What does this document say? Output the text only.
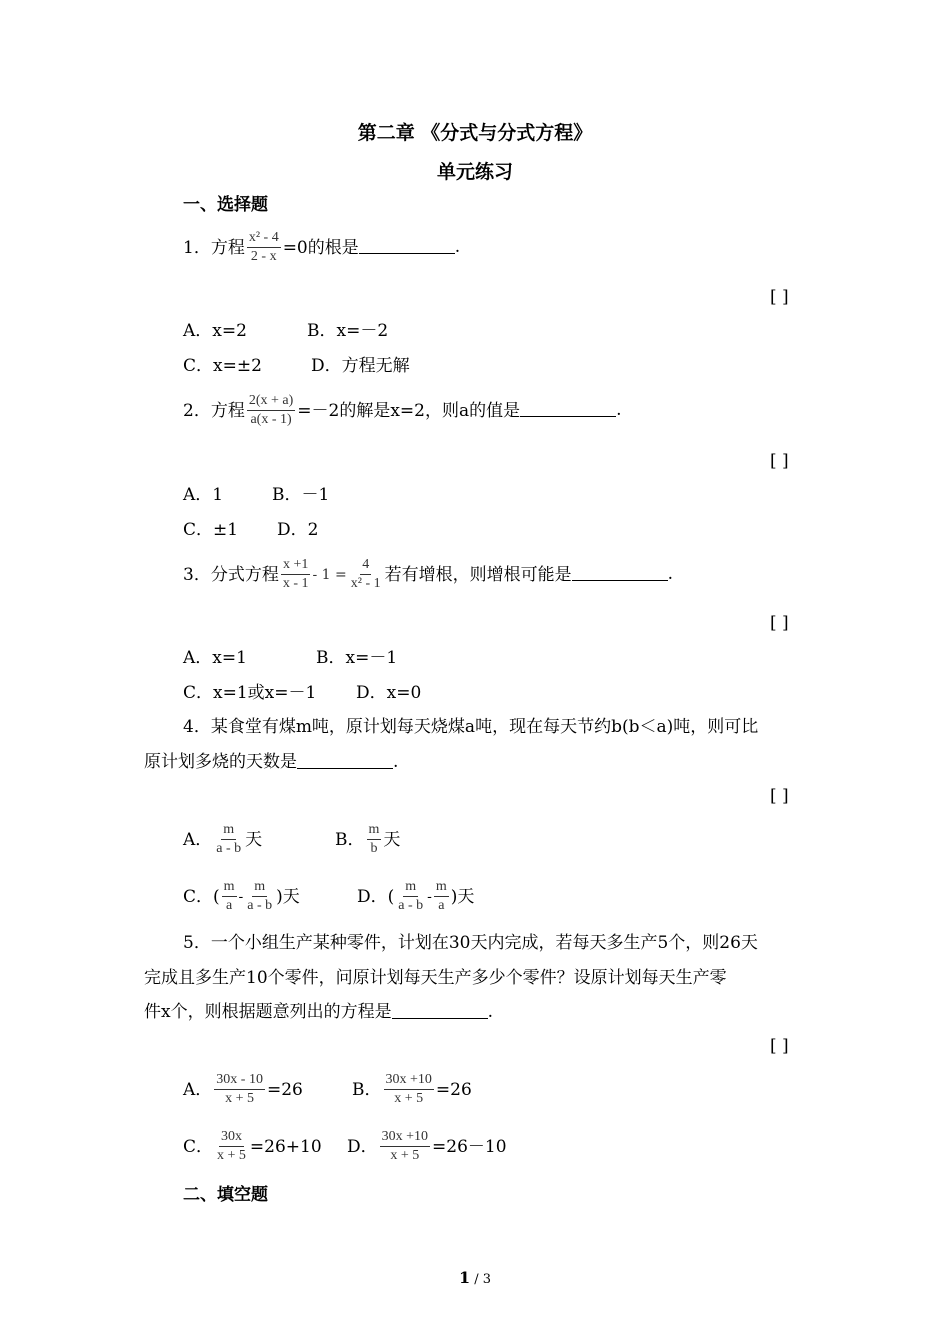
第二章 《分式与分式方程》
单元练习
一、选择题
1．方程 $\frac{\text{x² - 4}}{2 - x} =0$的根是	.
[ ]
A．x=2	B．x=－2
C．x=±2	D．方程无解
2．方程 $\frac{2(x + a)}{a(x - 1)} =-2$的解是x=2，则a的值是	.
[ ]
A．1	B．－1
C．±1 D．2
3．分式方程 $\frac{x +1}{x - 1} - 1 = \frac{4}{\text{x² - 1}}$ 若有增根，则增根可能是	.
[ ]
A．x=1	B．x=－1
C．x=1或x=－1 D．x=0
4．某食堂有煤m吨，原计划每天烧煤a吨，现在每天节约b(b＜a)吨，则可比
原计划多烧的天数是	.
[ ]
A． $\frac{m}{a - b}$ 天	B． $\frac{m}{b}$ 天
C．( $\frac{m}{a} - \frac{m}{a - b}$ )天	D．( $\frac{m}{a - b} - \frac{m}{a}$ )天
5．一个小组生产某种零件，计划在30天内完成，若每天多生产5个，则26天
完成且多生产10个零件，问原计划每天生产多少个零件？设原计划每天生产零
件x个，则根据题意列出的方程是	.
[ ]
A． $\frac{30x - 10}{x + 5} =26$	B． $\frac{30x +10}{x + 5} =26$
C． $\frac{30x}{x + 5} =26+10$ D． $\frac{30x +10}{x + 5} =26-10$
二、填空题
1 / 3
